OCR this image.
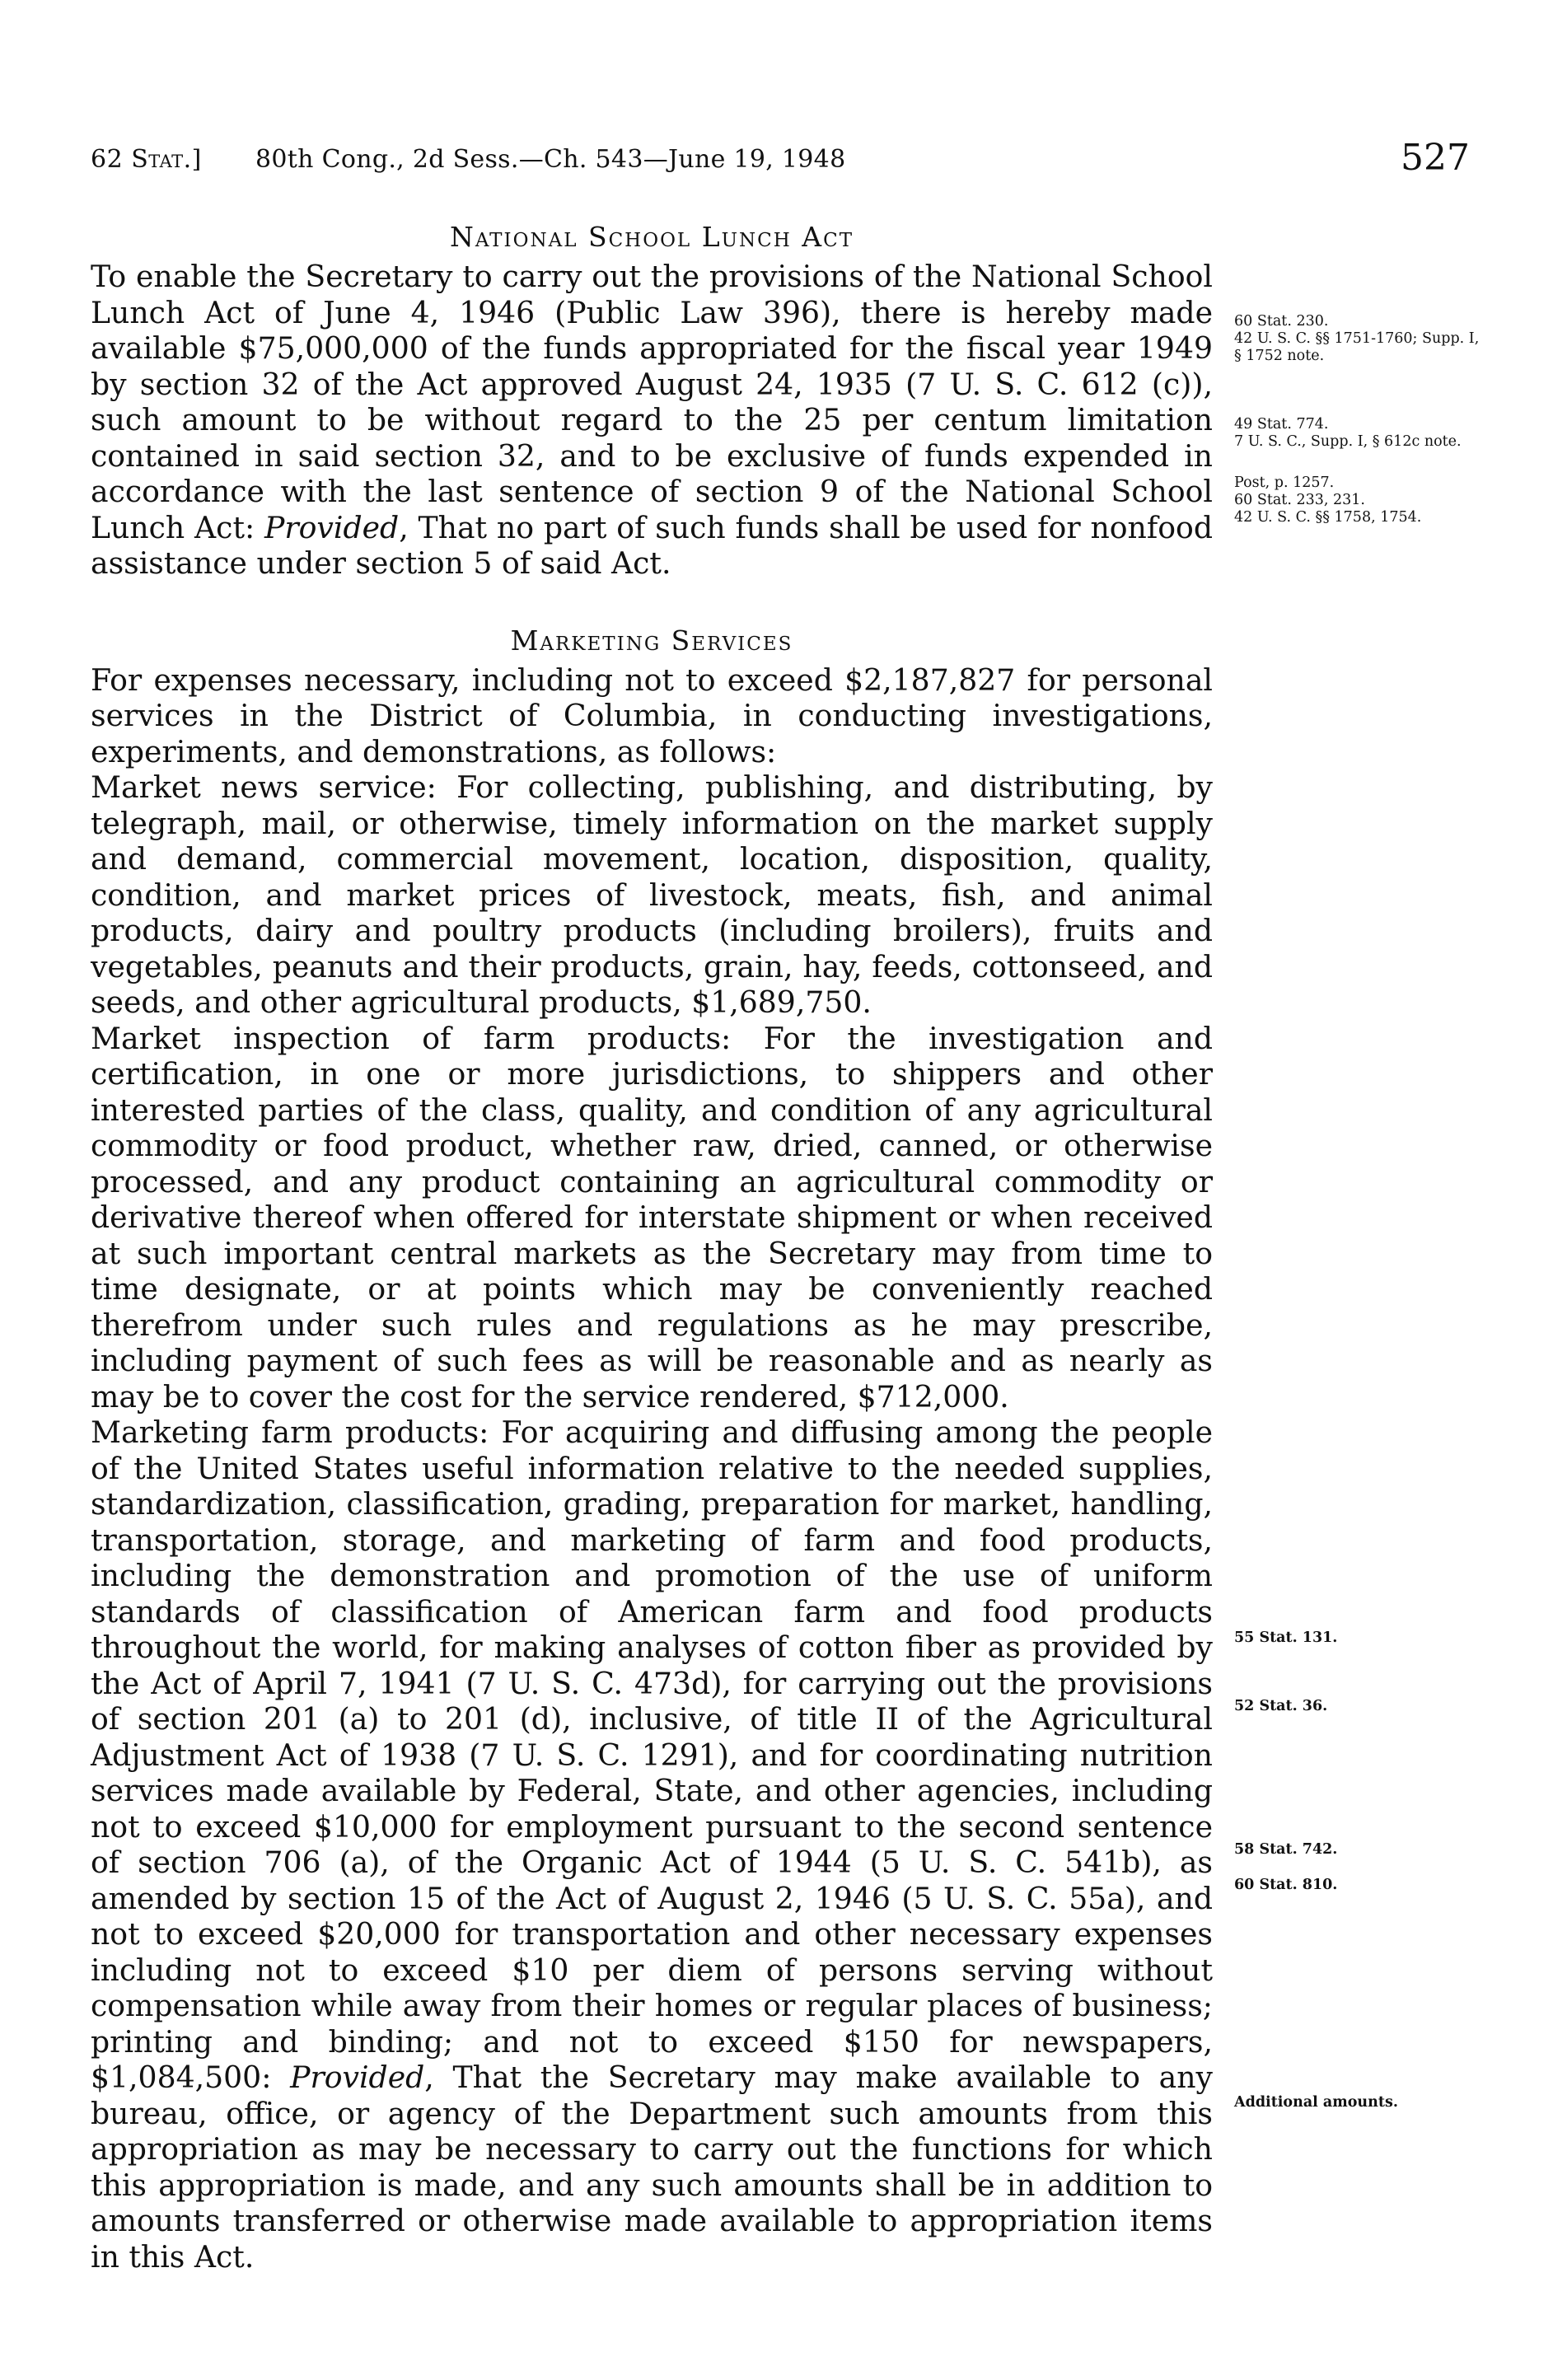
62 Stat.] 80th Cong., 2d Sess.—Ch. 543—June 19, 1948	527
National School Lunch Act

To enable the Secretary to carry out the provisions of the National School Lunch Act of June 4, 1946 (Public Law 396), there is hereby made available $75,000,000 of the funds appropriated for the fiscal year 1949 by section 32 of the Act approved August 24, 1935 (7 U. S. C. 612 (c)), such amount to be without regard to the 25 per centum limitation contained in said section 32, and to be exclusive of funds expended in accordance with the last sentence of section 9 of the National School Lunch Act: Provided, That no part of such funds shall be used for nonfood assistance under section 5 of said Act.

Marketing Services

For expenses necessary, including not to exceed $2,187,827 for personal services in the District of Columbia, in conducting investigations, experiments, and demonstrations, as follows:

Market news service: For collecting, publishing, and distributing, by telegraph, mail, or otherwise, timely information on the market supply and demand, commercial movement, location, disposition, quality, condition, and market prices of livestock, meats, fish, and animal products, dairy and poultry products (including broilers), fruits and vegetables, peanuts and their products, grain, hay, feeds, cottonseed, and seeds, and other agricultural products, $1,689,750.

Market inspection of farm products: For the investigation and certification, in one or more jurisdictions, to shippers and other interested parties of the class, quality, and condition of any agricultural commodity or food product, whether raw, dried, canned, or otherwise processed, and any product containing an agricultural commodity or derivative thereof when offered for interstate shipment or when received at such important central markets as the Secretary may from time to time designate, or at points which may be conveniently reached therefrom under such rules and regulations as he may prescribe, including payment of such fees as will be reasonable and as nearly as may be to cover the cost for the service rendered, $712,000.

Marketing farm products: For acquiring and diffusing among the people of the United States useful information relative to the needed supplies, standardization, classification, grading, preparation for market, handling, transportation, storage, and marketing of farm and food products, including the demonstration and promotion of the use of uniform standards of classification of American farm and food products throughout the world, for making analyses of cotton fiber as provided by the Act of April 7, 1941 (7 U. S. C. 473d), for carrying out the provisions of section 201 (a) to 201 (d), inclusive, of title II of the Agricultural Adjustment Act of 1938 (7 U. S. C. 1291), and for coordinating nutrition services made available by Federal, State, and other agencies, including not to exceed $10,000 for employment pursuant to the second sentence of section 706 (a), of the Organic Act of 1944 (5 U. S. C. 541b), as amended by section 15 of the Act of August 2, 1946 (5 U. S. C. 55a), and not to exceed $20,000 for transportation and other necessary expenses including not to exceed $10 per diem of persons serving without compensation while away from their homes or regular places of business; printing and binding; and not to exceed $150 for newspapers, $1,084,500: Provided, That the Secretary may make available to any bureau, office, or agency of the Department such amounts from this appropriation as may be necessary to carry out the functions for which this appropriation is made, and any such amounts shall be in addition to amounts transferred or otherwise made available to appropriation items in this Act.

60 Stat. 230.
42 U. S. C. §§ 1751-1760; Supp. I, § 1752 note.
49 Stat. 774.
7 U. S. C., Supp. I, § 612c note.
Post, p. 1257.
60 Stat. 233, 231.
42 U. S. C. §§ 1758, 1754.
55 Stat. 131.
52 Stat. 36.
58 Stat. 742.
60 Stat. 810.
Additional amounts.
